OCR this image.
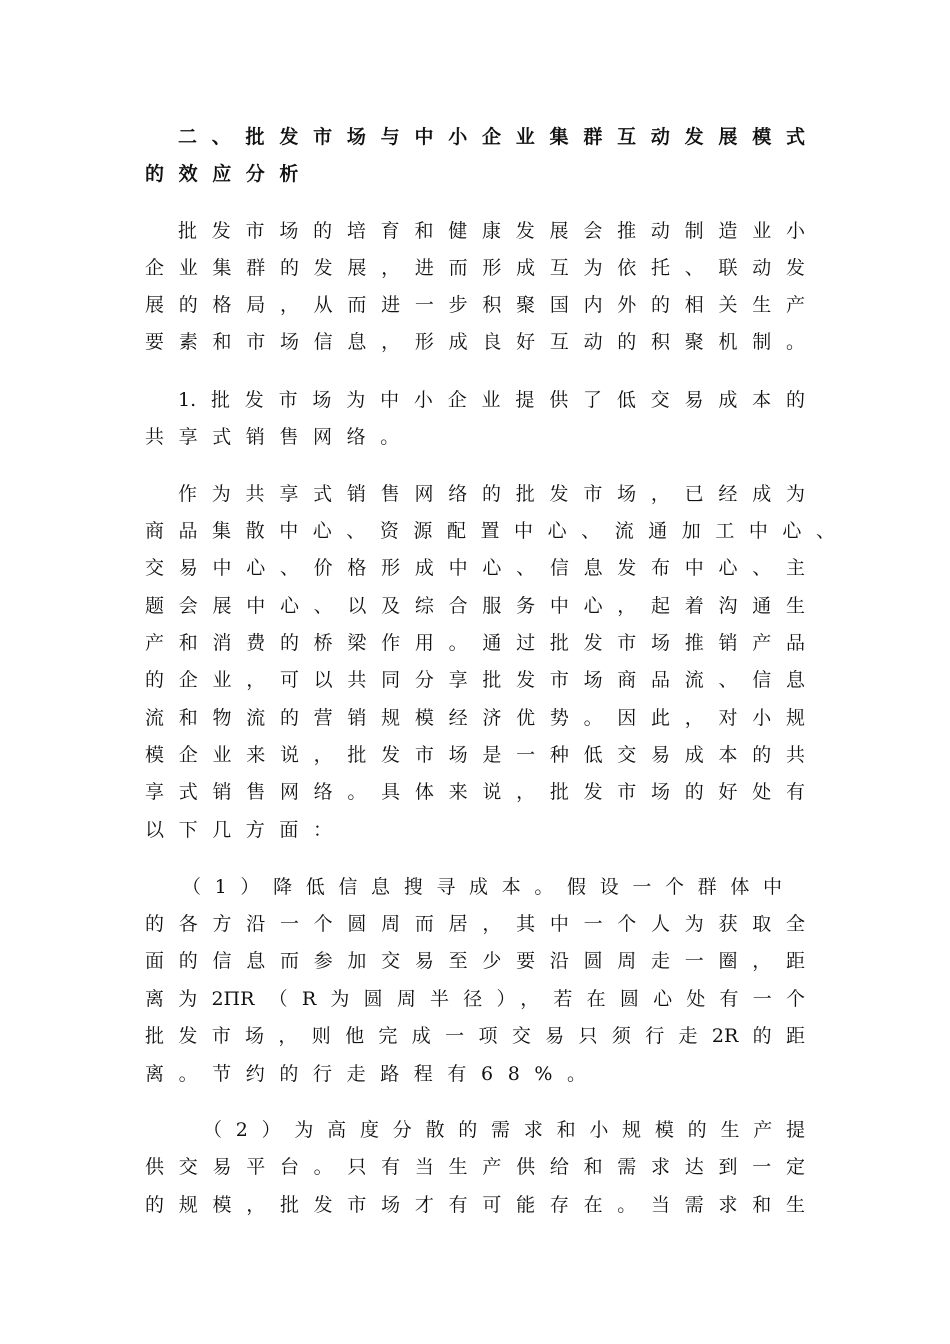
二、批发市场与中小企业集群互动发展模式
的效应分析
批发市场的培育和健康发展会推动制造业小
企业集群的发展，进而形成互为依托、联动发
展的格局，从而进一步积聚国内外的相关生产
要素和市场信息，形成良好互动的积聚机制。
1.批发市场为中小企业提供了低交易成本的
共享式销售网络。
作为共享式销售网络的批发市场，已经成为
商品集散中心、资源配置中心、流通加工中心、
交易中心、价格形成中心、信息发布中心、主
题会展中心、以及综合服务中心，起着沟通生
产和消费的桥梁作用。通过批发市场推销产品
的企业，可以共同分享批发市场商品流、信息
流和物流的营销规模经济优势。因此，对小规
模企业来说，批发市场是一种低交易成本的共
享式销售网络。具体来说，批发市场的好处有
以下几方面：
（1）降低信息搜寻成本。假设一个群体中
的各方沿一个圆周而居，其中一个人为获取全
面的信息而参加交易至少要沿圆周走一圈，距
离为2ΠR（R为圆周半径），若在圆心处有一个
批发市场，则他完成一项交易只须行走2R的距
离。节约的行走路程有68%。
（2）为高度分散的需求和小规模的生产提
供交易平台。只有当生产供给和需求达到一定
的规模，批发市场才有可能存在。当需求和生
